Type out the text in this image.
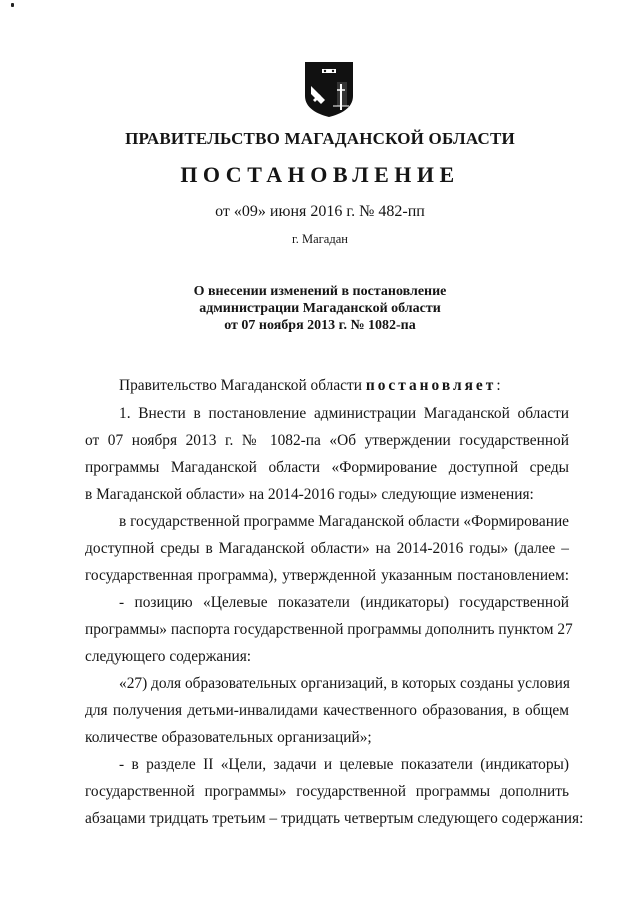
ПРАВИТЕЛЬСТВО МАГАДАНСКОЙ ОБЛАСТИ
ПОСТАНОВЛЕНИЕ
от «09» июня 2016 г. № 482-пп
г. Магадан
О внесении изменений в постановление
администрации Магаданской области
от 07 ноября 2013 г. № 1082-па
Правительство Магаданской области постановляет:
1. Внести в постановление администрации Магаданской области
от 07 ноября 2013 г. № 1082-па «Об утверждении государственной
программы Магаданской области «Формирование доступной среды
в Магаданской области» на 2014-2016 годы» следующие изменения:
в государственной программе Магаданской области «Формирование
доступной среды в Магаданской области» на 2014-2016 годы» (далее –
государственная программа), утвержденной указанным постановлением:
- позицию «Целевые показатели (индикаторы) государственной
программы» паспорта государственной программы дополнить пунктом 27
следующего содержания:
«27) доля образовательных организаций, в которых созданы условия
для получения детьми-инвалидами качественного образования, в общем
количестве образовательных организаций»;
- в разделе II «Цели, задачи и целевые показатели (индикаторы)
государственной программы» государственной программы дополнить
абзацами тридцать третьим – тридцать четвертым следующего содержания:
